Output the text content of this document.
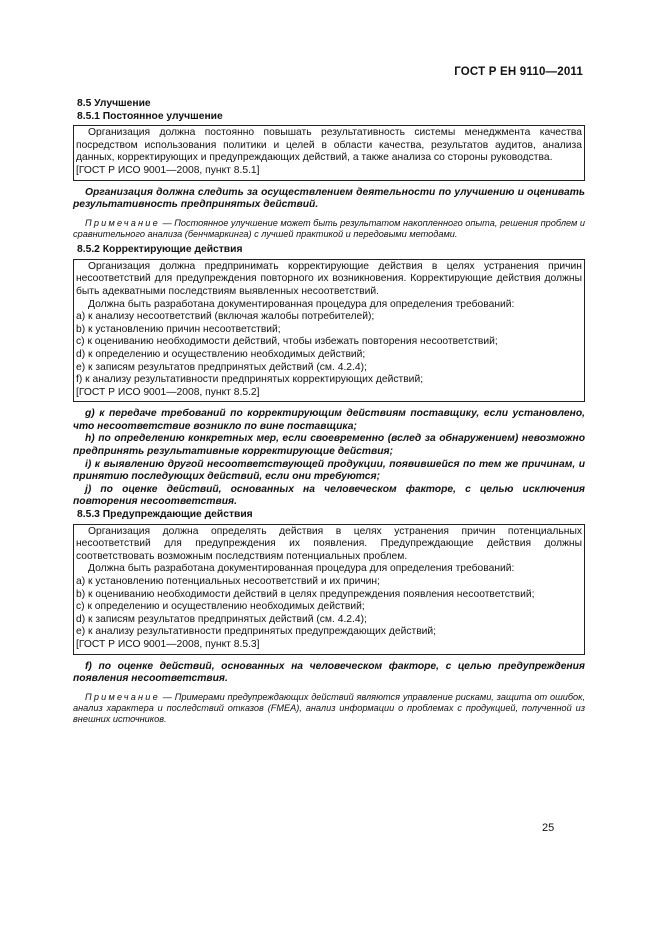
ГОСТ Р ЕН 9110—2011
8.5 Улучшение
8.5.1 Постоянное улучшение
Организация должна постоянно повышать результативность системы менеджмента качества посредством использования политики и целей в области качества, результатов аудитов, анализа данных, корректирующих и предупреждающих действий, а также анализа со стороны руководства.
[ГОСТ Р ИСО 9001—2008, пункт 8.5.1]
Организация должна следить за осуществлением деятельности по улучшению и оценивать результативность предпринятых действий.
Примечание — Постоянное улучшение может быть результатом накопленного опыта, решения проблем и сравнительного анализа (бенчмаркинга) с лучшей практикой и передовыми методами.
8.5.2 Корректирующие действия
Организация должна предпринимать корректирующие действия в целях устранения причин несоответствий для предупреждения повторного их возникновения. Корректирующие действия должны быть адекватными последствиям выявленных несоответствий.
Должна быть разработана документированная процедура для определения требований:
a) к анализу несоответствий (включая жалобы потребителей);
b) к установлению причин несоответствий;
c) к оцениванию необходимости действий, чтобы избежать повторения несоответствий;
d) к определению и осуществлению необходимых действий;
e) к записям результатов предпринятых действий (см. 4.2.4);
f) к анализу результативности предпринятых корректирующих действий;
[ГОСТ Р ИСО 9001—2008, пункт 8.5.2]
g) к передаче требований по корректирующим действиям поставщику, если установлено, что несоответствие возникло по вине поставщика;
h) по определению конкретных мер, если своевременно (вслед за обнаружением) невозможно предпринять результативные корректирующие действия;
i) к выявлению другой несоответствующей продукции, появившейся по тем же причинам, и принятию последующих действий, если они требуются;
j) по оценке действий, основанных на человеческом факторе, с целью исключения повторения несоответствия.
8.5.3 Предупреждающие действия
Организация должна определять действия в целях устранения причин потенциальных несоответствий для предупреждения их появления. Предупреждающие действия должны соответствовать возможным последствиям потенциальных проблем.
Должна быть разработана документированная процедура для определения требований:
a) к установлению потенциальных несоответствий и их причин;
b) к оцениванию необходимости действий в целях предупреждения появления несоответствий;
c) к определению и осуществлению необходимых действий;
d) к записям результатов предпринятых действий (см. 4.2.4);
e) к анализу результативности предпринятых предупреждающих действий;
[ГОСТ Р ИСО 9001—2008, пункт 8.5.3]
f) по оценке действий, основанных на человеческом факторе, с целью предупреждения появления несоответствия.
Примечание — Примерами предупреждающих действий являются управление рисками, защита от ошибок, анализ характера и последствий отказов (FMEA), анализ информации о проблемах с продукцией, полученной из внешних источников.
25
